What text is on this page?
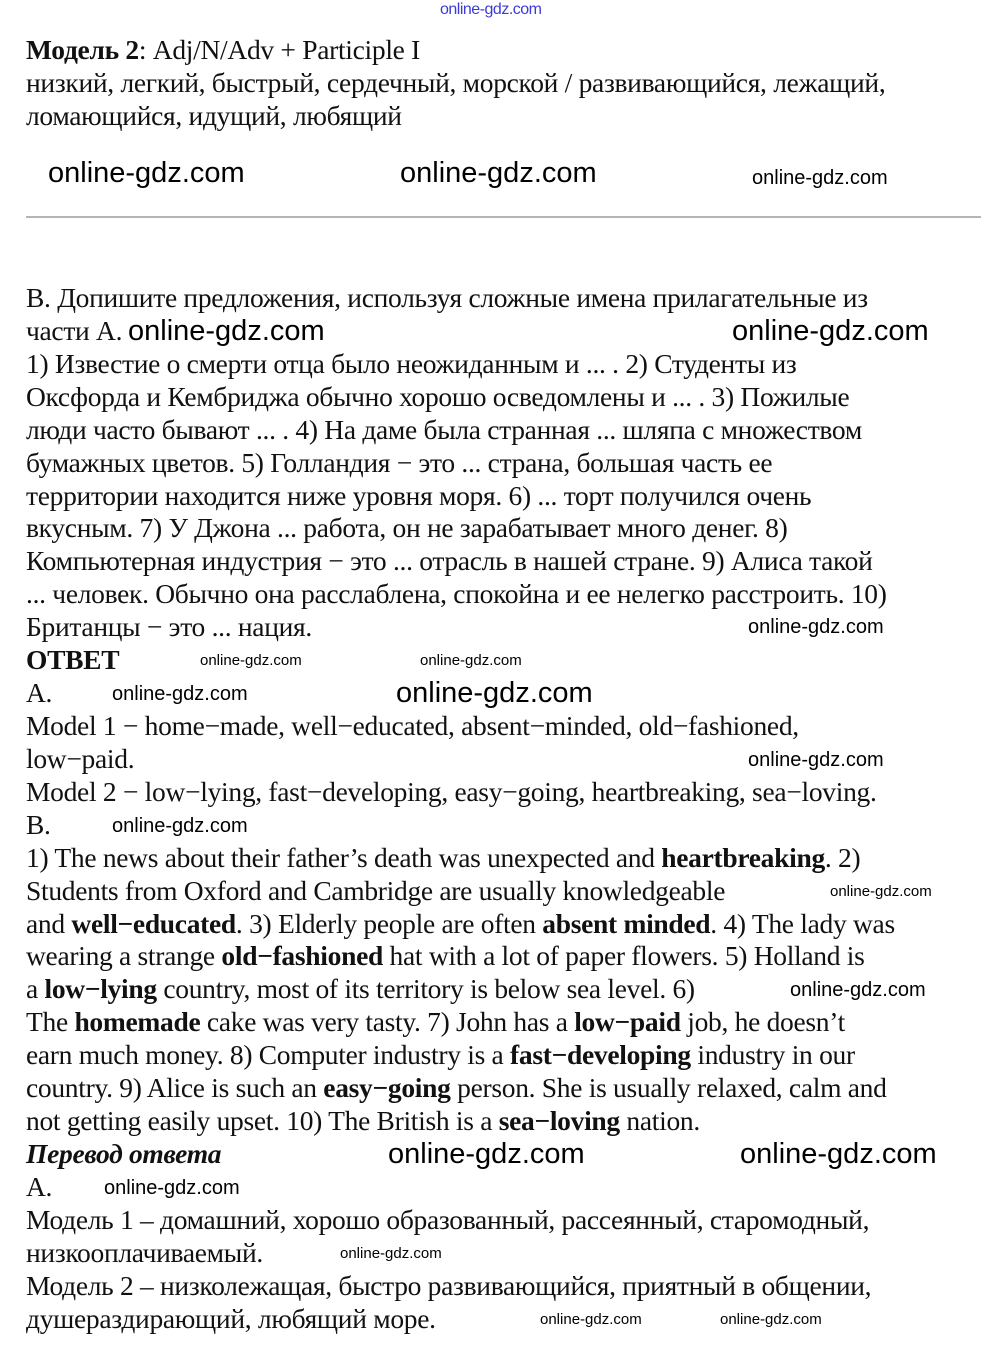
online-gdz.com
Модель 2: Adj/N/Adv + Participle I
низкий, легкий, быстрый, сердечный, морской / развивающийся, лежащий,
ломающийся, идущий, любящий
online-gdz.com	online-gdz.com	online-gdz.com
B. Допишите предложения, используя сложные имена прилагательные из
части А.
1) Известие о смерти отца было неожиданным и ... . 2) Студенты из
Оксфорда и Кембриджа обычно хорошо осведомлены и ... . 3) Пожилые
люди часто бывают ... . 4) На даме была странная ... шляпа с множеством
бумажных цветов. 5) Голландия − это ... страна, большая часть ее
территории находится ниже уровня моря. 6) ... торт получился очень
вкусным. 7) У Джона ... работа, он не зарабатывает много денег. 8)
Компьютерная индустрия − это ... отрасль в нашей стране. 9) Алиса такой
... человек. Обычно она расслаблена, спокойна и ее нелегко расстроить. 10)
Британцы − это ... нация.
ОТВЕТ
A.
Model 1 − home−made, well−educated, absent−minded, old−fashioned,
low−paid.
Model 2 − low−lying, fast−developing, easy−going, heartbreaking, sea−loving.
B.
1) The news about their father’s death was unexpected and heartbreaking. 2)
Students from Oxford and Cambridge are usually knowledgeable
and well−educated. 3) Elderly people are often absent minded. 4) The lady was
wearing a strange old−fashioned hat with a lot of paper flowers. 5) Holland is
a low−lying country, most of its territory is below sea level. 6)
The homemade cake was very tasty. 7) John has a low−paid job, he doesn’t
earn much money. 8) Computer industry is a fast−developing industry in our
country. 9) Alice is such an easy−going person. She is usually relaxed, calm and
not getting easily upset. 10) The British is a sea−loving nation.
Перевод ответа
А.
Модель 1 – домашний, хорошо образованный, рассеянный, старомодный,
низкооплачиваемый.
Модель 2 – низколежащая, быстро развивающийся, приятный в общении,
душераздирающий, любящий море.
online-gdz.com	online-gdz.com
online-gdz.com
online-gdz.com	online-gdz.com
online-gdz.com
online-gdz.com
online-gdz.com
online-gdz.com
online-gdz.com
online-gdz.com
online-gdz.com	online-gdz.com
online-gdz.com
online-gdz.com
online-gdz.com	online-gdz.com
